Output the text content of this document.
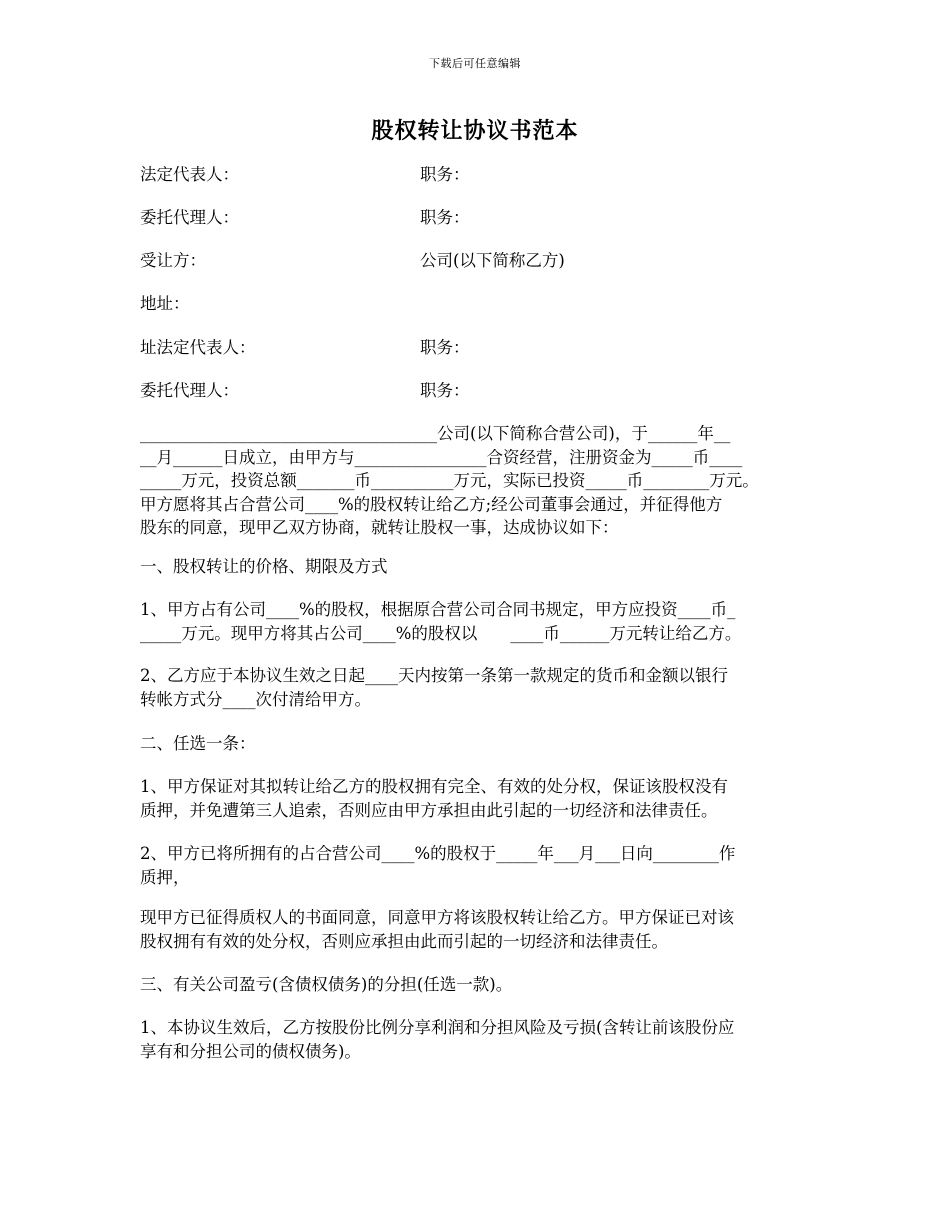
下载后可任意编辑
股权转让协议书范本
法定代表人：	职务：
委托代理人：	职务：
受让方：	公司(以下简称乙方)
地址：
址法定代表人：	职务：
委托代理人：	职务：
____________________________________公司(以下简称合营公司)，于______年__
__月______日成立，由甲方与________________合资经营，注册资金为_____币____
_____万元，投资总额_______币__________万元，实际已投资_____币________万元。
甲方愿将其占合营公司____%的股权转让给乙方;经公司董事会通过，并征得他方
股东的同意，现甲乙双方协商，就转让股权一事，达成协议如下：
一、股权转让的价格、期限及方式
1、甲方占有公司____%的股权，根据原合营公司合同书规定，甲方应投资____币_
_____万元。现甲方将其占公司____%的股权以　　____币______万元转让给乙方。
2、乙方应于本协议生效之日起____天内按第一条第一款规定的货币和金额以银行
转帐方式分____次付清给甲方。
二、任选一条：
1、甲方保证对其拟转让给乙方的股权拥有完全、有效的处分权，保证该股权没有
质押，并免遭第三人追索，否则应由甲方承担由此引起的一切经济和法律责任。
2、甲方已将所拥有的占合营公司____%的股权于_____年___月___日向________作
质押，
现甲方已征得质权人的书面同意，同意甲方将该股权转让给乙方。甲方保证已对该
股权拥有有效的处分权，否则应承担由此而引起的一切经济和法律责任。
三、有关公司盈亏(含债权债务)的分担(任选一款)。
1、本协议生效后，乙方按股份比例分享利润和分担风险及亏损(含转让前该股份应
享有和分担公司的债权债务)。
